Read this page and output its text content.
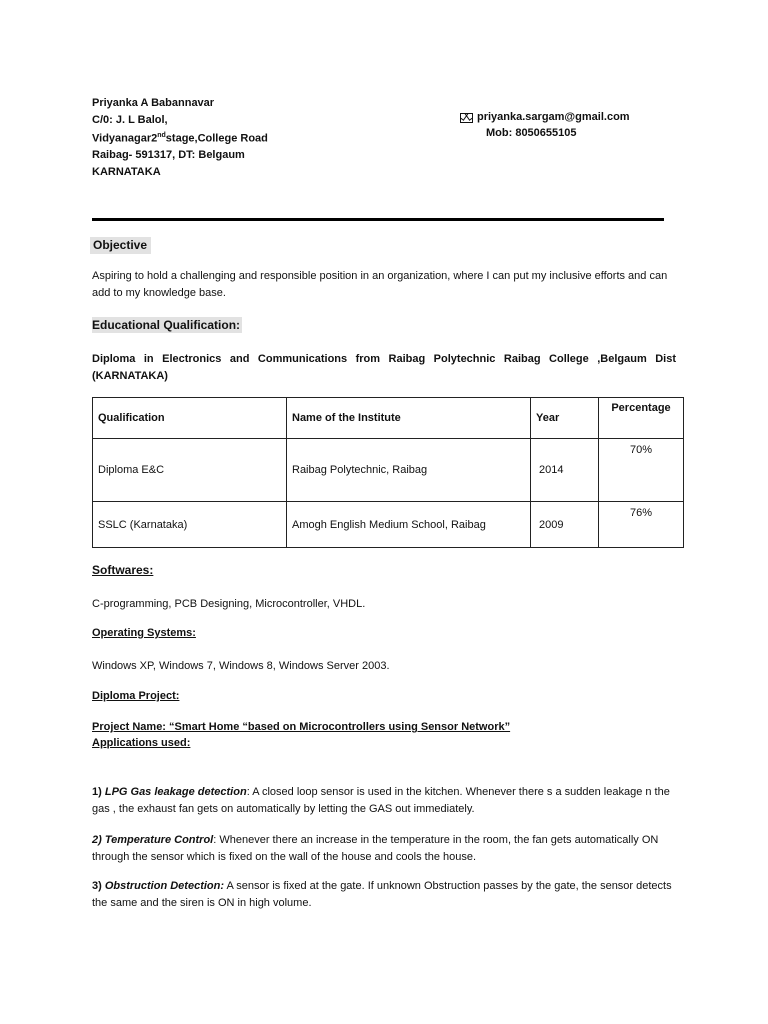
Priyanka A Babannavar
C/0: J. L Balol,
Vidyanagar2ndstage,College Road
Raibag- 591317, DT: Belgaum
KARNATAKA
priyanka.sargam@gmail.com
Mob: 8050655105
Objective
Aspiring to hold a challenging and responsible position in an organization, where I can put my inclusive efforts and can add to my knowledge base.
Educational Qualification:
Diploma in Electronics and Communications from Raibag Polytechnic Raibag College ,Belgaum Dist (KARNATAKA)
Qualification	Name of the Institute	Year	Percentage
Diploma E&C	Raibag Polytechnic, Raibag	2014	70%
SSLC (Karnataka)	Amogh English Medium School, Raibag	2009	76%
Softwares:
C-programming, PCB Designing, Microcontroller, VHDL.
Operating Systems:
Windows XP, Windows 7, Windows 8, Windows Server 2003.
Diploma Project:
Project Name: “Smart Home “based on Microcontrollers using Sensor Network”
Applications used:
1) LPG Gas leakage detection: A closed loop sensor is used in the kitchen. Whenever there s a sudden leakage n the gas , the exhaust fan gets on automatically by letting the GAS out immediately.
2) Temperature Control: Whenever there an increase in the temperature in the room, the fan gets automatically ON through the sensor which is fixed on the wall of the house and cools the house.
3) Obstruction Detection: A sensor is fixed at the gate. If unknown Obstruction passes by the gate, the sensor detects the same and the siren is ON in high volume.
